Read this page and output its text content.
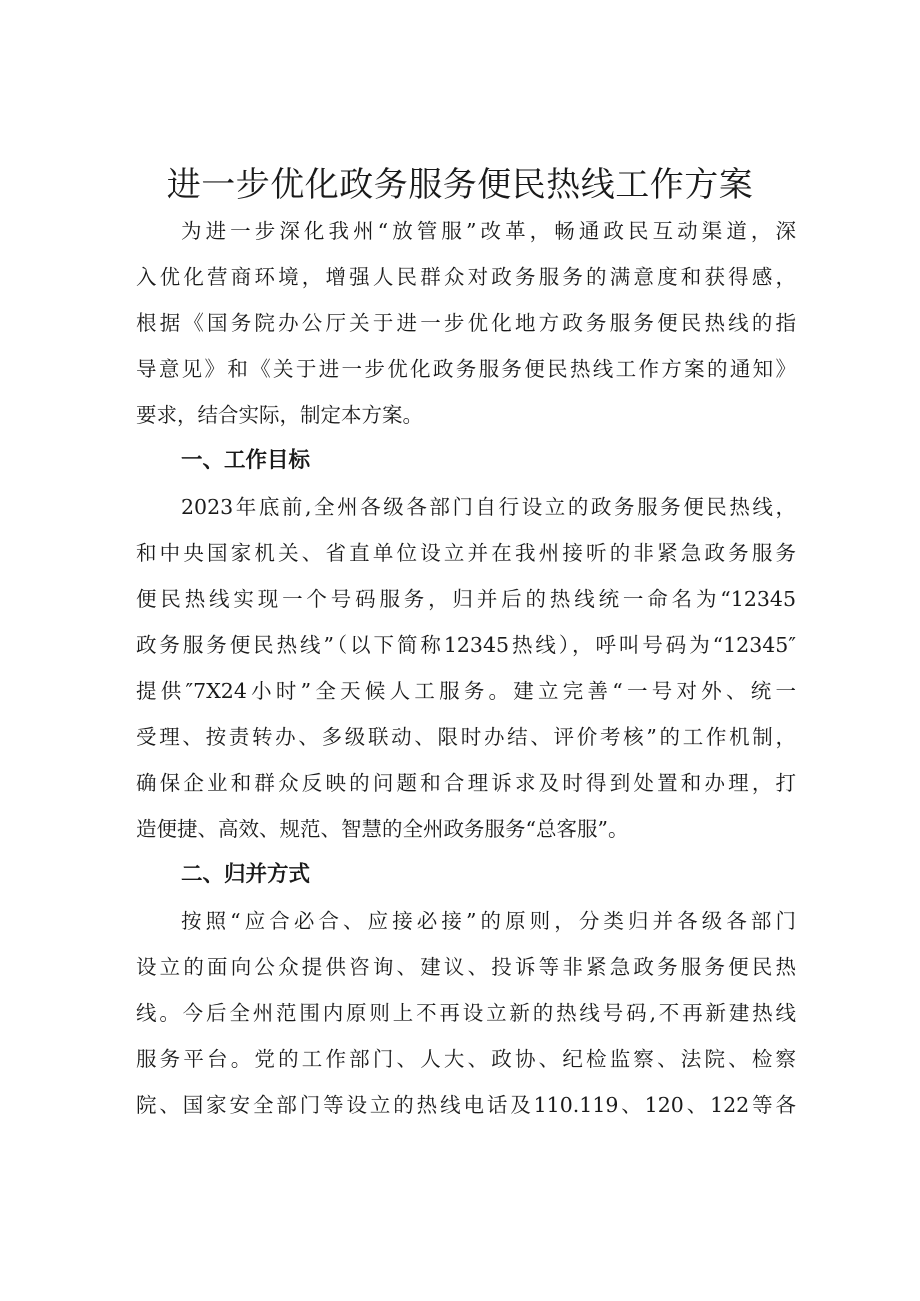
进一步优化政务服务便民热线工作方案
为进一步深化我州“放管服”改革，畅通政民互动渠道，深
入优化营商环境，增强人民群众对政务服务的满意度和获得感，
根据《国务院办公厅关于进一步优化地方政务服务便民热线的指
导意见》和《关于进一步优化政务服务便民热线工作方案的通知》
要求，结合实际，制定本方案。
一、工作目标
2023年底前,全州各级各部门自行设立的政务服务便民热线，
和中央国家机关、省直单位设立并在我州接听的非紧急政务服务
便民热线实现一个号码服务，归并后的热线统一命名为“12345
政务服务便民热线”（以下简称12345热线），呼叫号码为“12345″
提供″7X24小时”全天候人工服务。建立完善“一号对外、统一
受理、按责转办、多级联动、限时办结、评价考核”的工作机制，
确保企业和群众反映的问题和合理诉求及时得到处置和办理，打
造便捷、高效、规范、智慧的全州政务服务“总客服”。
二、归并方式
按照“应合必合、应接必接”的原则，分类归并各级各部门
设立的面向公众提供咨询、建议、投诉等非紧急政务服务便民热
线。今后全州范围内原则上不再设立新的热线号码,不再新建热线
服务平台。党的工作部门、人大、政协、纪检监察、法院、检察
院、国家安全部门等设立的热线电话及110.119、120、122等各
